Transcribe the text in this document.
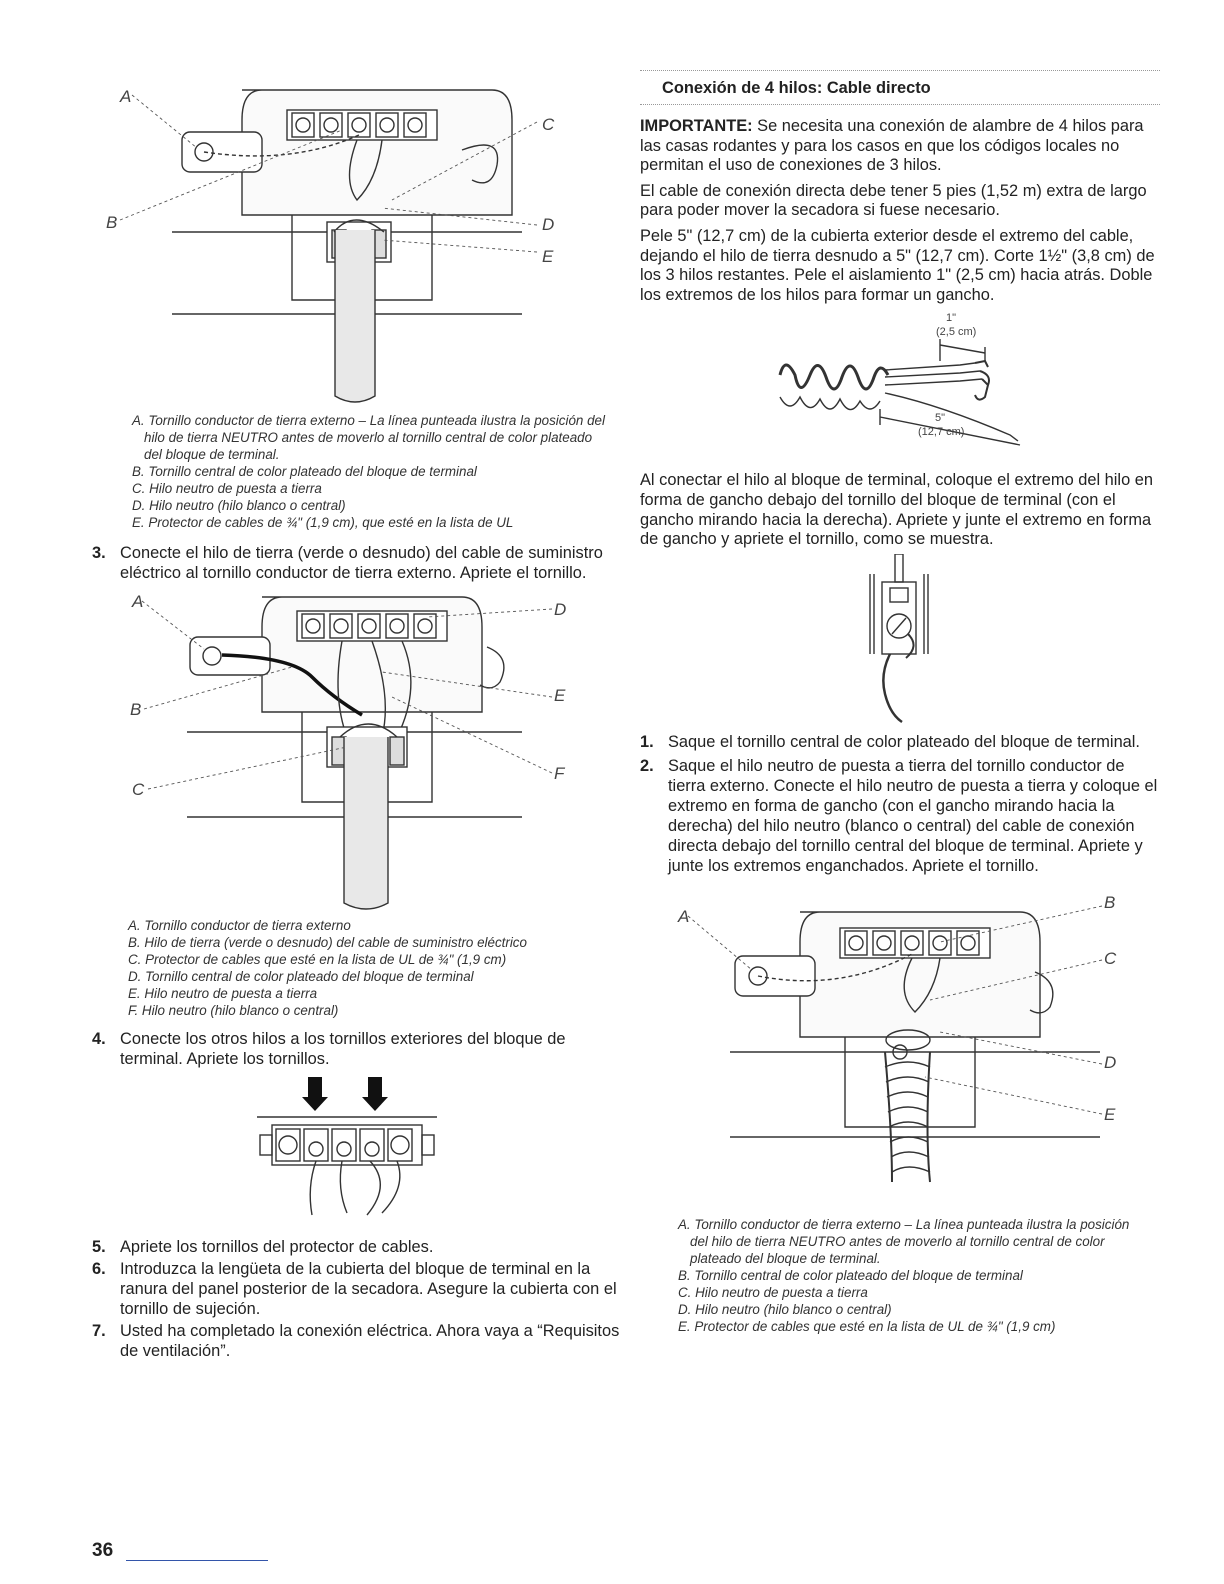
A
B
C
D
E
A. Tornillo conductor de tierra externo – La línea punteada ilustra la posición del hilo de tierra NEUTRO antes de moverlo al tornillo central de color plateado del bloque de terminal.
B. Tornillo central de color plateado del bloque de terminal
C. Hilo neutro de puesta a tierra
D. Hilo neutro (hilo blanco o central)
E. Protector de cables de ¾" (1,9 cm), que esté en la lista de UL
3. Conecte el hilo de tierra (verde o desnudo) del cable de suministro eléctrico al tornillo conductor de tierra externo. Apriete el tornillo.
A
B
C
D
E
F
A. Tornillo conductor de tierra externo
B. Hilo de tierra (verde o desnudo) del cable de suministro eléctrico
C. Protector de cables que esté en la lista de UL de ¾" (1,9 cm)
D. Tornillo central de color plateado del bloque de terminal
E. Hilo neutro de puesta a tierra
F. Hilo neutro (hilo blanco o central)
4. Conecte los otros hilos a los tornillos exteriores del bloque de terminal. Apriete los tornillos.
5. Apriete los tornillos del protector de cables.
6. Introduzca la lengüeta de la cubierta del bloque de terminal en la ranura del panel posterior de la secadora. Asegure la cubierta con el tornillo de sujeción.
7. Usted ha completado la conexión eléctrica. Ahora vaya a “Requisitos de ventilación”.
Conexión de 4 hilos: Cable directo

IMPORTANTE: Se necesita una conexión de alambre de 4 hilos para las casas rodantes y para los casos en que los códigos locales no permitan el uso de conexiones de 3 hilos.

El cable de conexión directa debe tener 5 pies (1,52 m) extra de largo para poder mover la secadora si fuese necesario.

Pele 5" (12,7 cm) de la cubierta exterior desde el extremo del cable, dejando el hilo de tierra desnudo a 5" (12,7 cm). Corte 1½" (3,8 cm) de los 3 hilos restantes. Pele el aislamiento 1" (2,5 cm) hacia atrás. Doble los extremos de los hilos para formar un gancho.

1"
(2,5 cm)
5"
(12,7 cm)

Al conectar el hilo al bloque de terminal, coloque el extremo del hilo en forma de gancho debajo del tornillo del bloque de terminal (con el gancho mirando hacia la derecha). Apriete y junte el extremo en forma de gancho y apriete el tornillo, como se muestra.

1. Saque el tornillo central de color plateado del bloque de terminal.
2. Saque el hilo neutro de puesta a tierra del tornillo conductor de tierra externo. Conecte el hilo neutro de puesta a tierra y coloque el extremo en forma de gancho (con el gancho mirando hacia la derecha) del hilo neutro (blanco o central) del cable de conexión directa debajo del tornillo central del bloque de terminal. Apriete y junte los extremos enganchados. Apriete el tornillo.
A
B
C
D
E
A. Tornillo conductor de tierra externo – La línea punteada ilustra la posición del hilo de tierra NEUTRO antes de moverlo al tornillo central de color plateado del bloque de terminal.
B. Tornillo central de color plateado del bloque de terminal
C. Hilo neutro de puesta a tierra
D. Hilo neutro (hilo blanco o central)
E. Protector de cables que esté en la lista de UL de ¾" (1,9 cm)
36
